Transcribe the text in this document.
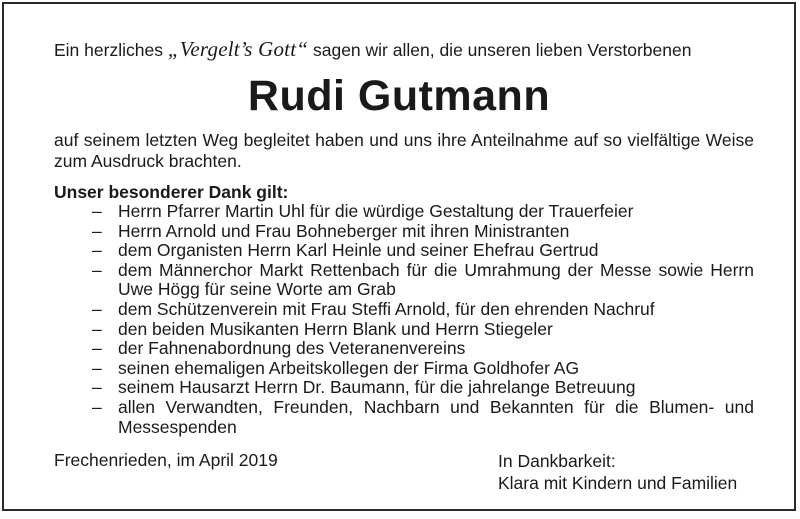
Ein herzliches „Vergelt’s Gott“ sagen wir allen, die unseren lieben Verstorbenen
Rudi Gutmann
auf seinem letzten Weg begleitet haben und uns ihre Anteilnahme auf so vielfältige Weise zum Ausdruck brachten.
Unser besonderer Dank gilt:
– Herrn Pfarrer Martin Uhl für die würdige Gestaltung der Trauerfeier
– Herrn Arnold und Frau Bohneberger mit ihren Ministranten
– dem Organisten Herrn Karl Heinle und seiner Ehefrau Gertrud
– dem Männerchor Markt Rettenbach für die Umrahmung der Messe sowie Herrn Uwe Högg für seine Worte am Grab
– dem Schützenverein mit Frau Steffi Arnold, für den ehrenden Nachruf
– den beiden Musikanten Herrn Blank und Herrn Stiegeler
– der Fahnenabordnung des Veteranenvereins
– seinen ehemaligen Arbeitskollegen der Firma Goldhofer AG
– seinem Hausarzt Herrn Dr. Baumann, für die jahrelange Betreuung
– allen Verwandten, Freunden, Nachbarn und Bekannten für die Blumen- und Messespenden
Frechenrieden, im April 2019	In Dankbarkeit:
Klara mit Kindern und Familien
